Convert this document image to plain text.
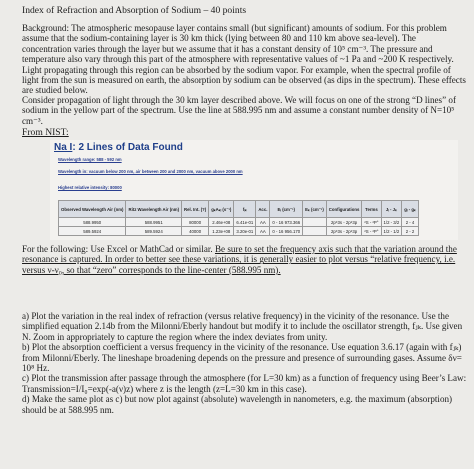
Index of Refraction and Absorption of Sodium – 40 points

Background: The atmospheric mesopause layer contains small (but significant) amounts of sodium. For this problem assume that the sodium-containing layer is 30 km thick (lying between 80 and 110 km above sea-level). The concentration varies through the layer but we assume that it has a constant density of 10⁵ cm⁻³. The pressure and temperature also vary through this part of the atmosphere with representative values of ~1 Pa and ~200 K respectively. Light propagating through this region can be absorbed by the sodium vapor. For example, when the spectral profile of light from the sun is measured on earth, the absorption by sodium can be observed (as dips in the spectrum). These effects are studied below.

Consider propagation of light through the 30 km layer described above. We will focus on one of the strong “D lines” of sodium in the yellow part of the spectrum. Use the line at 588.995 nm and assume a constant number density of N=10⁵ cm⁻³.

From NIST:

Na I: 2 Lines of Data Found
Wavelength range: 588 - 592 nm
Wavelength in: vacuum below 200 nm, air between 200 and 2000 nm, vacuum above 2000 nm
Highest relative intensity: 80000
Observed Wavelength Air (nm)	Ritz Wavelength Air (nm)	Rel. Int. (?)	gₖAₖᵢ (s⁻¹)	fᵢₖ	Acc.	Eᵢ (cm⁻¹)	Eₖ (cm⁻¹)	Configurations	Terms	Jᵢ - Jₖ	gᵢ - gₖ
588.9950	588.9951	80000	2.46e+08	6.41e-01	AA	0 - 16 973.366		2p⁶3s - 2p⁶3p	²S - ²P°	1/2 - 3/2	2 - 4
589.5924	589.5924	40000	1.23e+08	3.20e-01	AA	0 - 16 956.170		2p⁶3s - 2p⁶3p	²S - ²P°	1/2 - 1/2	2 - 2

For the following: Use Excel or MathCad or similar. Be sure to set the frequency axis such that the variation around the resonance is captured. In order to better see these variations, it is generally easier to plot versus “relative frequency, i.e. versus ν-ν₀, so that “zero” corresponds to the line-center (588.995 nm).

a) Plot the variation in the real index of refraction (versus relative frequency) in the vicinity of the resonance. Use the simplified equation 2.14b from the Milonni/Eberly handout but modify it to include the oscillator strength, fⱼₖ. Use given N. Zoom in appropriately to capture the region where the index deviates from unity.

b) Plot the absorption coefficient a versus frequency in the vicinity of the resonance. Use equation 3.6.17 (again with fⱼₖ) from Milonni/Eberly. The lineshape broadening depends on the pressure and presence of surrounding gases. Assume δν= 10⁸ Hz.

c) Plot the transmission after passage through the atmosphere (for L=30 km) as a function of frequency using Beer’s Law: Transmission=I/I₀=exp(-a(ν)z) where z is the length (z=L=30 km in this case).

d) Make the same plot as c) but now plot against (absolute) wavelength in nanometers, e.g. the maximum (absorption) should be at 588.995 nm.
